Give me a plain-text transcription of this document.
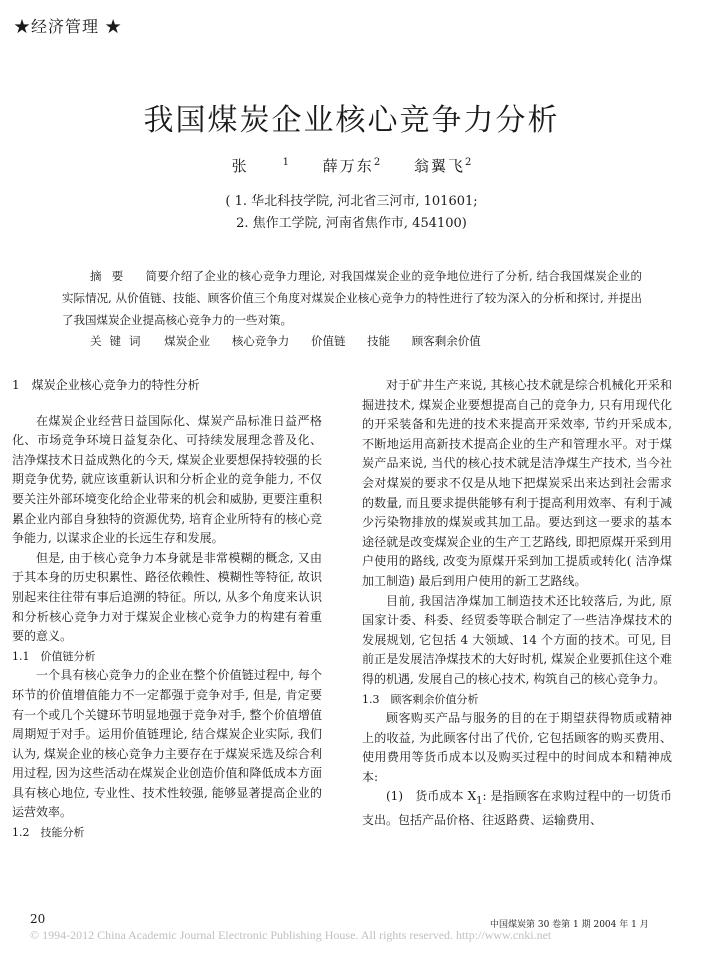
★经济管理 ★
我国煤炭企业核心竞争力分析
张　　$^1$ 薛万东$^2$ 翁翼飞$^2$
( 1. 华北科技学院, 河北省三河市, 101601;
2. 焦作工学院, 河南省焦作市, 454100)
摘要 简要介绍了企业的核心竞争力理论, 对我国煤炭企业的竞争地位进行了分析, 结合我国煤炭企业的实际情况, 从价值链、技能、顾客价值三个角度对煤炭企业核心竞争力的特性进行了较为深入的分析和探讨, 并提出了我国煤炭企业提高核心竞争力的一些对策。
关键词 煤炭企业 核心竞争力 价值链 技能 顾客剩余价值
1　煤炭企业核心竞争力的特性分析

在煤炭企业经营日益国际化、煤炭产品标准日益严格化、市场竞争环境日益复杂化、可持续发展理念普及化、洁净煤技术日益成熟化的今天, 煤炭企业要想保持较强的长期竞争优势, 就应该重新认识和分析企业的竞争能力, 不仅要关注外部环境变化给企业带来的机会和威胁, 更要注重积累企业内部自身独特的资源优势, 培育企业所特有的核心竞争能力, 以谋求企业的长远生存和发展。

但是, 由于核心竞争力本身就是非常模糊的概念, 又由于其本身的历史积累性、路径依赖性、模糊性等特征, 故识别起来往往带有事后追溯的特征。所以, 从多个角度来认识和分析核心竞争力对于煤炭企业核心竞争力的构建有着重要的意义。

1.1　价值链分析

一个具有核心竞争力的企业在整个价值链过程中, 每个环节的价值增值能力不一定都强于竞争对手, 但是, 肯定要有一个或几个关键环节明显地强于竞争对手, 整个价值增值周期短于对手。运用价值链理论, 结合煤炭企业实际, 我们认为, 煤炭企业的核心竞争力主要存在于煤炭采选及综合利用过程, 因为这些活动在煤炭企业创造价值和降低成本方面具有核心地位, 专业性、技术性较强, 能够显著提高企业的运营效率。

1.2　技能分析

对于矿井生产来说, 其核心技术就是综合机械化开采和掘进技术, 煤炭企业要想提高自己的竞争力, 只有用现代化的开采装备和先进的技术来提高开采效率, 节约开采成本, 不断地运用高新技术提高企业的生产和管理水平。对于煤炭产品来说, 当代的核心技术就是洁净煤生产技术, 当今社会对煤炭的要求不仅是从地下把煤炭采出来达到社会需求的数量, 而且要求提供能够有利于提高利用效率、有利于减少污染物排放的煤炭或其加工品。要达到这一要求的基本途径就是改变煤炭企业的生产工艺路线, 即把原煤开采到用户使用的路线, 改变为原煤开采到加工提质或转化( 洁净煤加工制造) 最后到用户使用的新工艺路线。

目前, 我国洁净煤加工制造技术还比较落后, 为此, 原国家计委、科委、经贸委等联合制定了一些洁净煤技术的发展规划, 它包括 4 大领域、14 个方面的技术。可见, 目前正是发展洁净煤技术的大好时机, 煤炭企业要抓住这个难得的机遇, 发展自己的核心技术, 构筑自己的核心竞争力。

1.3　顾客剩余价值分析

顾客购买产品与服务的目的在于期望获得物质或精神上的收益, 为此顾客付出了代价, 它包括顾客的购买费用、使用费用等货币成本以及购买过程中的时间成本和精神成本:

(1)　货币成本 $X_1$: 是指顾客在求购过程中的一切货币支出。包括产品价格、往返路费、运输费用、

20	中国煤炭第 30 卷第 1 期 2004 年 1 月
© 1994-2012 China Academic Journal Electronic Publishing House. All rights reserved. http://www.cnki.net
